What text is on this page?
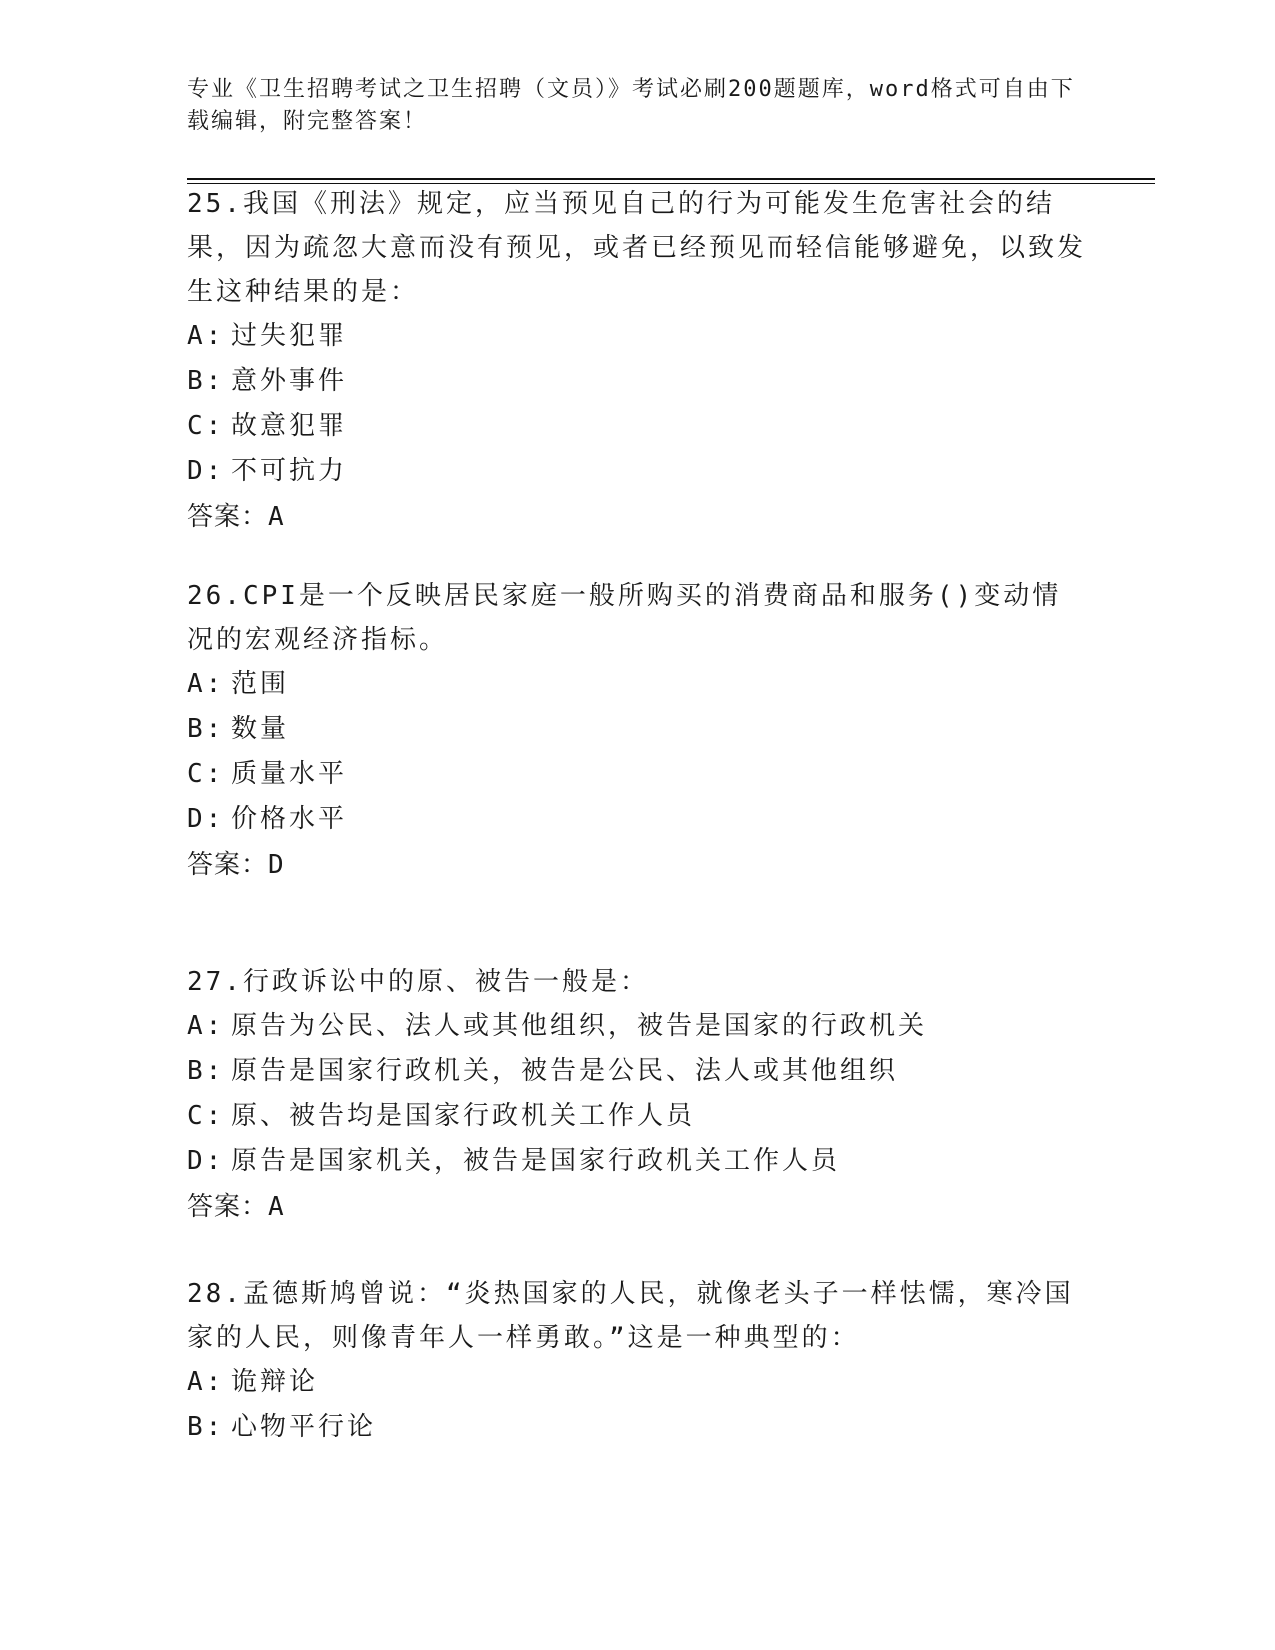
专业《卫生招聘考试之卫生招聘（文员）》考试必刷200题题库，word格式可自由下载编辑，附完整答案！

25.我国《刑法》规定，应当预见自己的行为可能发生危害社会的结果，因为疏忽大意而没有预见，或者已经预见而轻信能够避免，以致发生这种结果的是：

A: 过失犯罪

B: 意外事件

C: 故意犯罪

D: 不可抗力

答案：A

26.CPI是一个反映居民家庭一般所购买的消费商品和服务()变动情况的宏观经济指标。

A: 范围

B: 数量

C: 质量水平

D: 价格水平

答案：D

27.行政诉讼中的原、被告一般是：

A: 原告为公民、法人或其他组织，被告是国家的行政机关

B: 原告是国家行政机关，被告是公民、法人或其他组织

C: 原、被告均是国家行政机关工作人员

D: 原告是国家机关，被告是国家行政机关工作人员

答案：A

28.孟德斯鸠曾说：“炎热国家的人民，就像老头子一样怯懦，寒冷国家的人民，则像青年人一样勇敢。”这是一种典型的：

A: 诡辩论

B: 心物平行论
